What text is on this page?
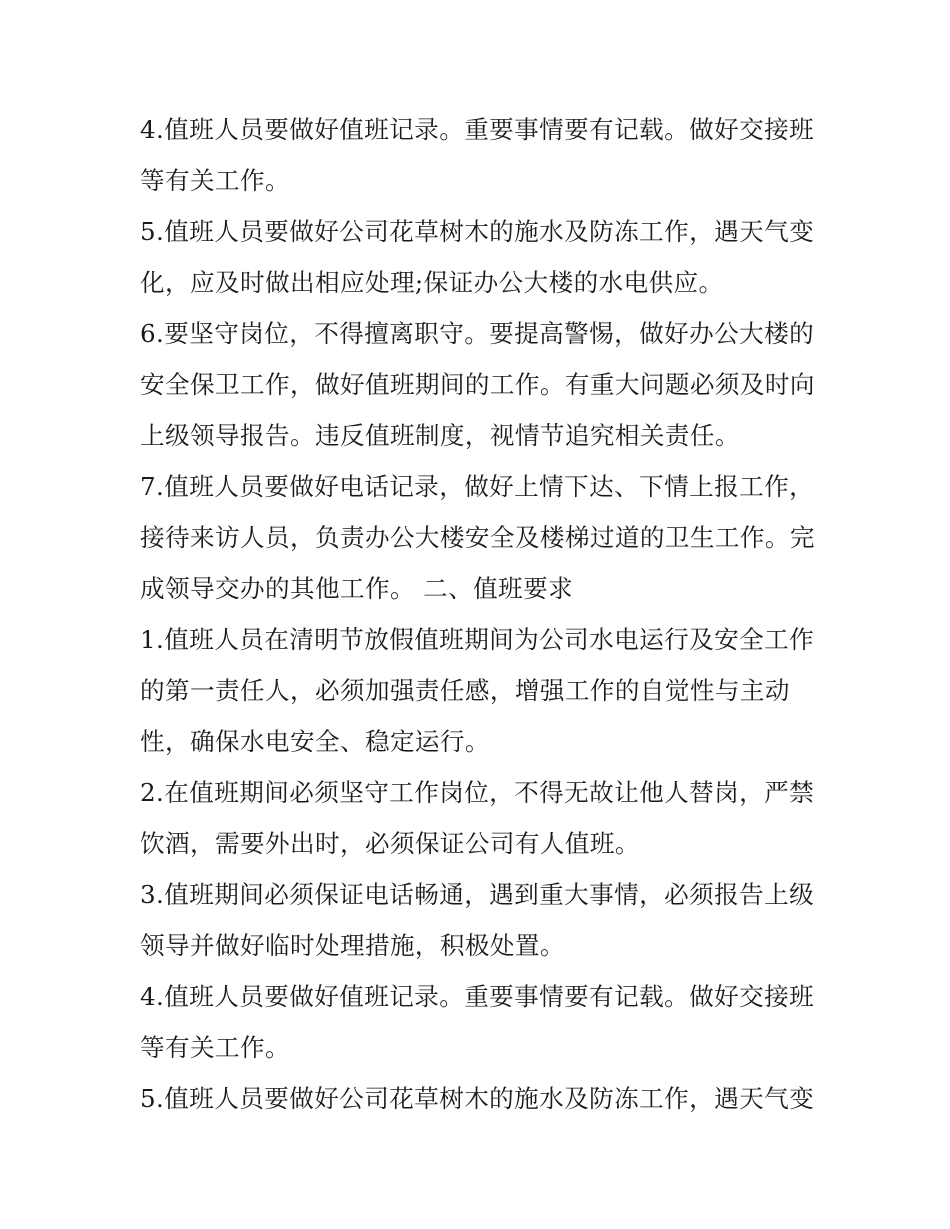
4.值班人员要做好值班记录。重要事情要有记载。做好交接班
等有关工作。

5.值班人员要做好公司花草树木的施水及防冻工作，遇天气变
化，应及时做出相应处理;保证办公大楼的水电供应。

6.要坚守岗位，不得擅离职守。要提高警惕，做好办公大楼的
安全保卫工作，做好值班期间的工作。有重大问题必须及时向
上级领导报告。违反值班制度，视情节追究相关责任。

7.值班人员要做好电话记录，做好上情下达、下情上报工作，
接待来访人员，负责办公大楼安全及楼梯过道的卫生工作。完
成领导交办的其他工作。 二、值班要求

1.值班人员在清明节放假值班期间为公司水电运行及安全工作
的第一责任人，必须加强责任感，增强工作的自觉性与主动
性，确保水电安全、稳定运行。

2.在值班期间必须坚守工作岗位，不得无故让他人替岗，严禁
饮酒，需要外出时，必须保证公司有人值班。

3.值班期间必须保证电话畅通，遇到重大事情，必须报告上级
领导并做好临时处理措施，积极处置。

4.值班人员要做好值班记录。重要事情要有记载。做好交接班
等有关工作。

5.值班人员要做好公司花草树木的施水及防冻工作，遇天气变
